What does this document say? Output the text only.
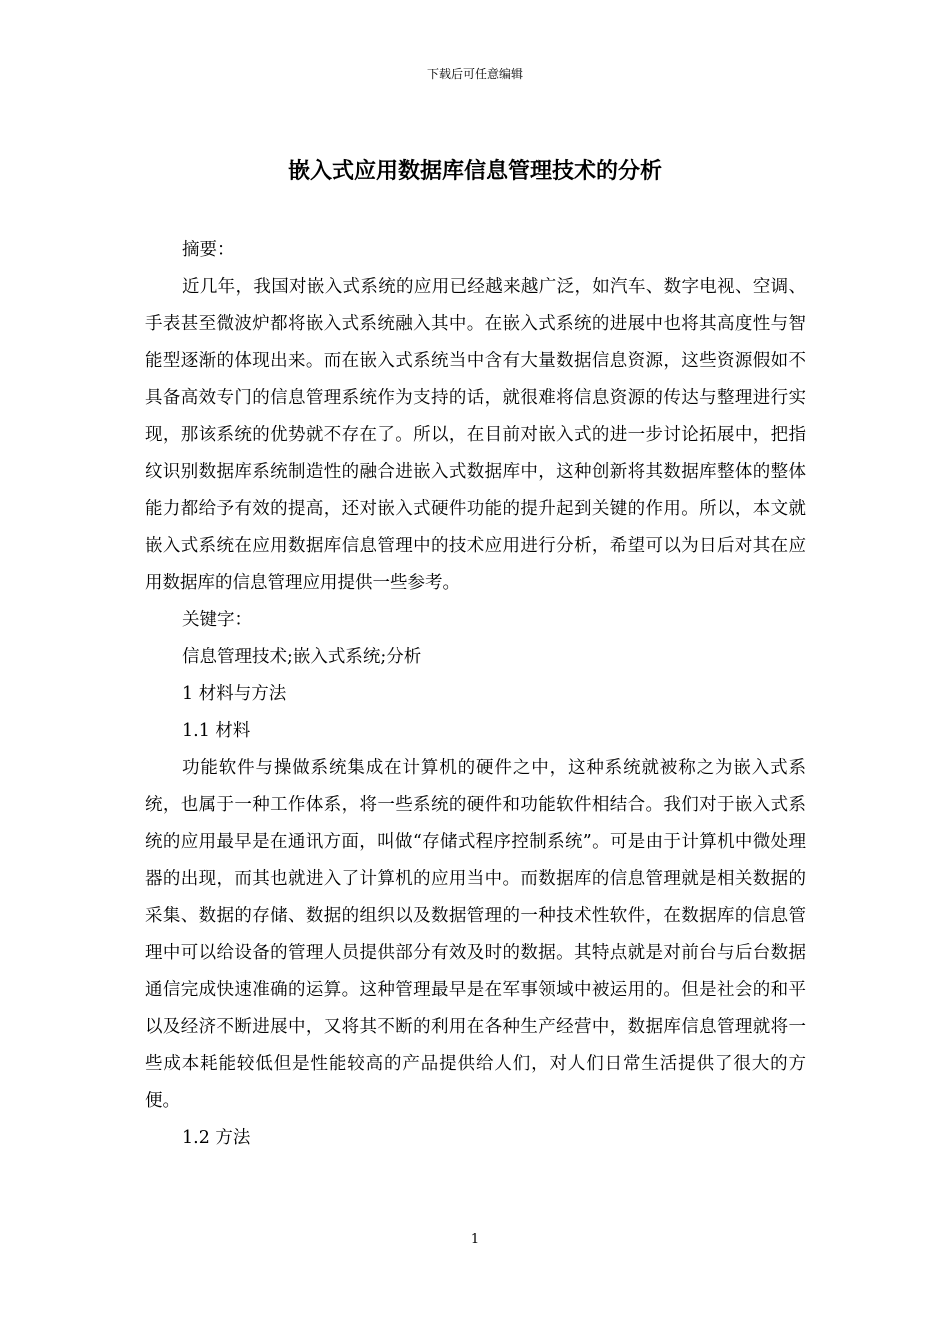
下载后可任意编辑
嵌入式应用数据库信息管理技术的分析

摘要：

近几年，我国对嵌入式系统的应用已经越来越广泛，如汽车、数字电视、空调、手表甚至微波炉都将嵌入式系统融入其中。在嵌入式系统的进展中也将其高度性与智能型逐渐的体现出来。而在嵌入式系统当中含有大量数据信息资源，这些资源假如不具备高效专门的信息管理系统作为支持的话，就很难将信息资源的传达与整理进行实现，那该系统的优势就不存在了。所以，在目前对嵌入式的进一步讨论拓展中，把指纹识别数据库系统制造性的融合进嵌入式数据库中，这种创新将其数据库整体的整体能力都给予有效的提高，还对嵌入式硬件功能的提升起到关键的作用。所以，本文就嵌入式系统在应用数据库信息管理中的技术应用进行分析，希望可以为日后对其在应用数据库的信息管理应用提供一些参考。

关键字：

信息管理技术;嵌入式系统;分析

1 材料与方法

1.1 材料

功能软件与操做系统集成在计算机的硬件之中，这种系统就被称之为嵌入式系统，也属于一种工作体系，将一些系统的硬件和功能软件相结合。我们对于嵌入式系统的应用最早是在通讯方面，叫做“存储式程序控制系统”。可是由于计算机中微处理器的出现，而其也就进入了计算机的应用当中。而数据库的信息管理就是相关数据的采集、数据的存储、数据的组织以及数据管理的一种技术性软件，在数据库的信息管理中可以给设备的管理人员提供部分有效及时的数据。其特点就是对前台与后台数据通信完成快速准确的运算。这种管理最早是在军事领域中被运用的。但是社会的和平以及经济不断进展中，又将其不断的利用在各种生产经营中，数据库信息管理就将一些成本耗能较低但是性能较高的产品提供给人们，对人们日常生活提供了很大的方便。

1.2 方法

1
